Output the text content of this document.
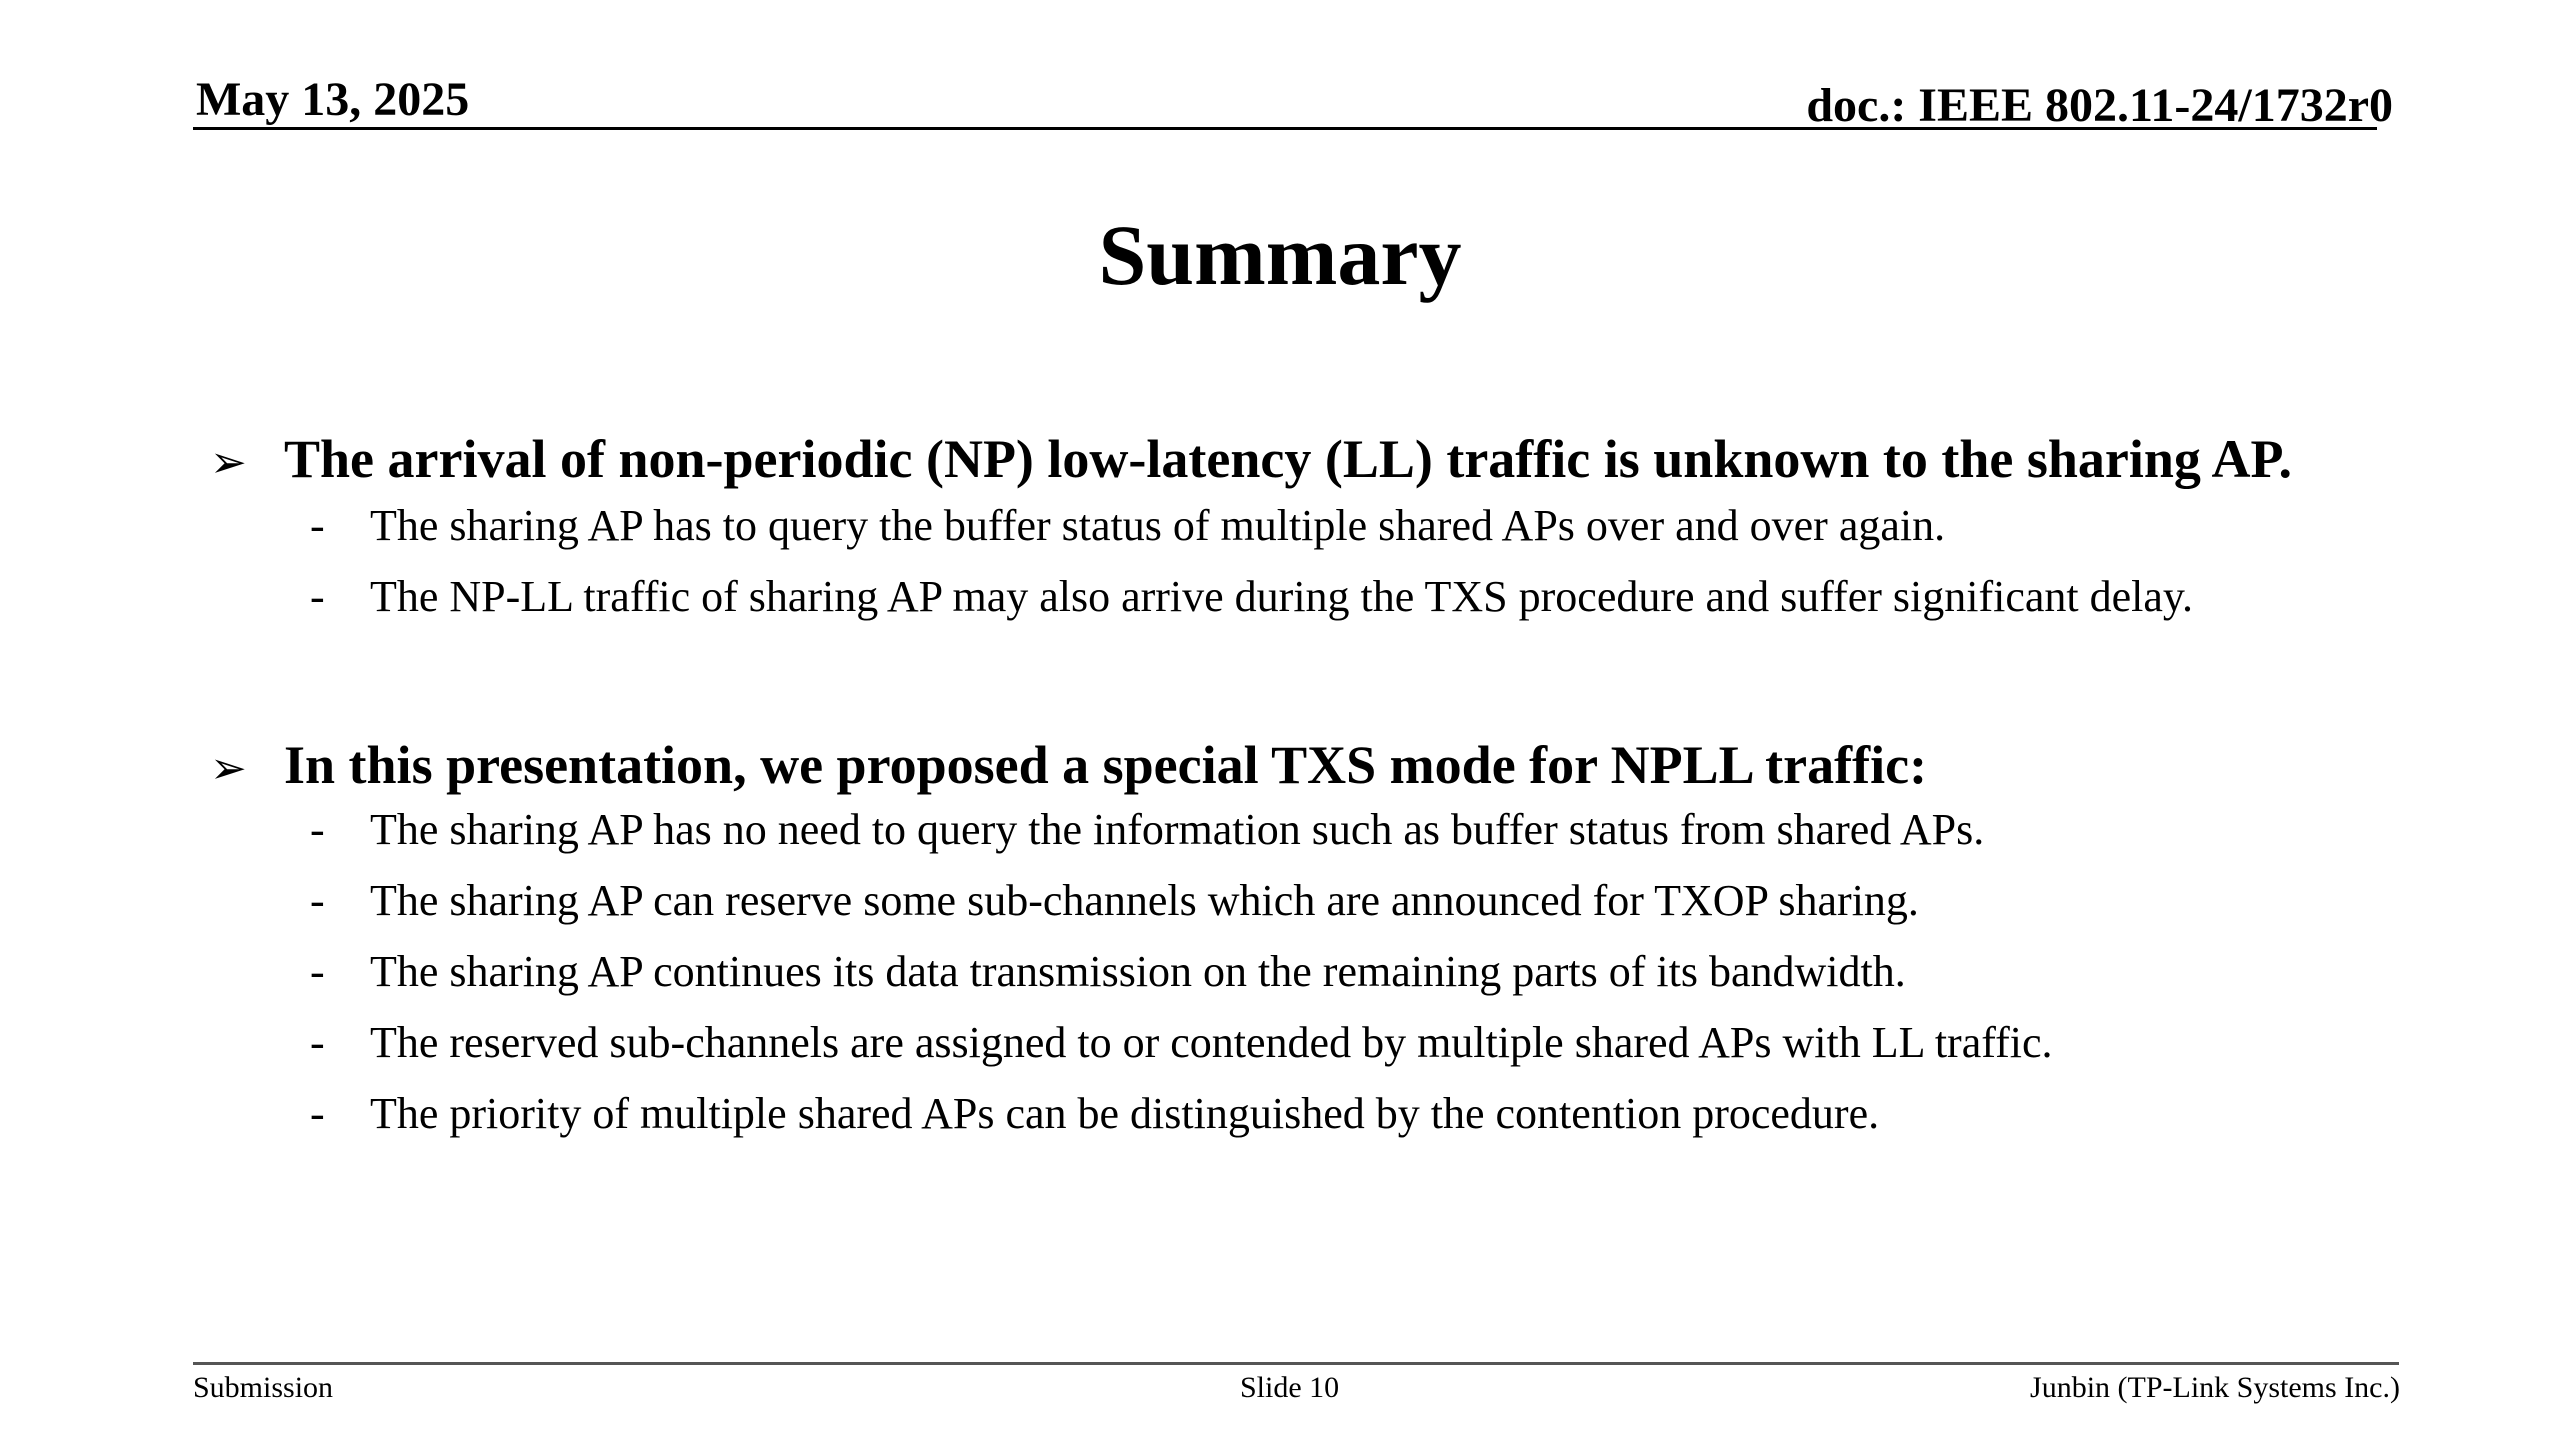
May 13, 2025	doc.: IEEE 802.11-24/1732r0
Summary
➢ The arrival of non-periodic (NP) low-latency (LL) traffic is unknown to the sharing AP.
-	The sharing AP has to query the buffer status of multiple shared APs over and over again.
-	The NP-LL traffic of sharing AP may also arrive during the TXS procedure and suffer significant delay.
➢ In this presentation, we proposed a special TXS mode for NPLL traffic:
-	The sharing AP has no need to query the information such as buffer status from shared APs.
-	The sharing AP can reserve some sub-channels which are announced for TXOP sharing.
-	The sharing AP continues its data transmission on the remaining parts of its bandwidth.
-	The reserved sub-channels are assigned to or contended by multiple shared APs with LL traffic.
-	The priority of multiple shared APs can be distinguished by the contention procedure.
Submission	Slide 10	Junbin (TP-Link Systems Inc.)
